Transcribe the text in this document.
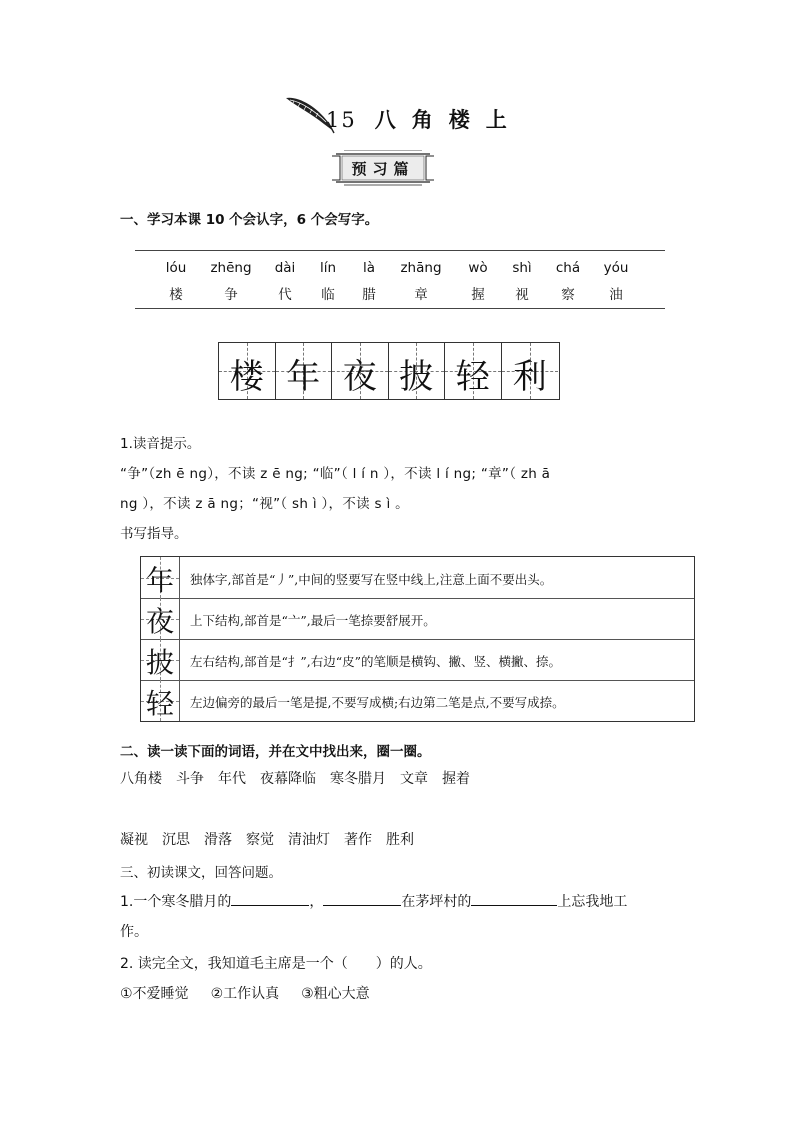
15 八 角 楼 上
预习篇
一、学习本课 10 个会认字，6 个会写字。
lóu	zhēng	dài	lín	là	zhāng	wò	shì	chá	yóu
楼	争	代	临	腊	章	握	视	察	油
楼 年 夜 披 轻 利
1.读音提示。
“争”（zh ē ng），不读 z ē ng; “临”（ l í n ），不读 l í ng; “章”（ zh ā
ng ），不读 z ā ng；“视”（ sh ì ），不读 s ì 。
书写指导。
年	独体字,部首是“丿”,中间的竖要写在竖中线上,注意上面不要出头。
夜	上下结构,部首是“亠”,最后一笔捺要舒展开。
披	左右结构,部首是“扌”,右边“皮”的笔顺是横钩、撇、竖、横撇、捺。
轻	左边偏旁的最后一笔是提,不要写成横;右边第二笔是点,不要写成捺。
二、读一读下面的词语，并在文中找出来，圈一圈。
八角楼 斗争 年代 夜幕降临 寒冬腊月 文章 握着
凝视 沉思 滑落 察觉 清油灯 著作 胜利
三、初读课文，回答问题。
1.一个寒冬腊月的	，	在茅坪村的	上忘我地工
作。
2. 读完全文，我知道毛主席是一个（　　）的人。
①不爱睡觉 ②工作认真 ③粗心大意
